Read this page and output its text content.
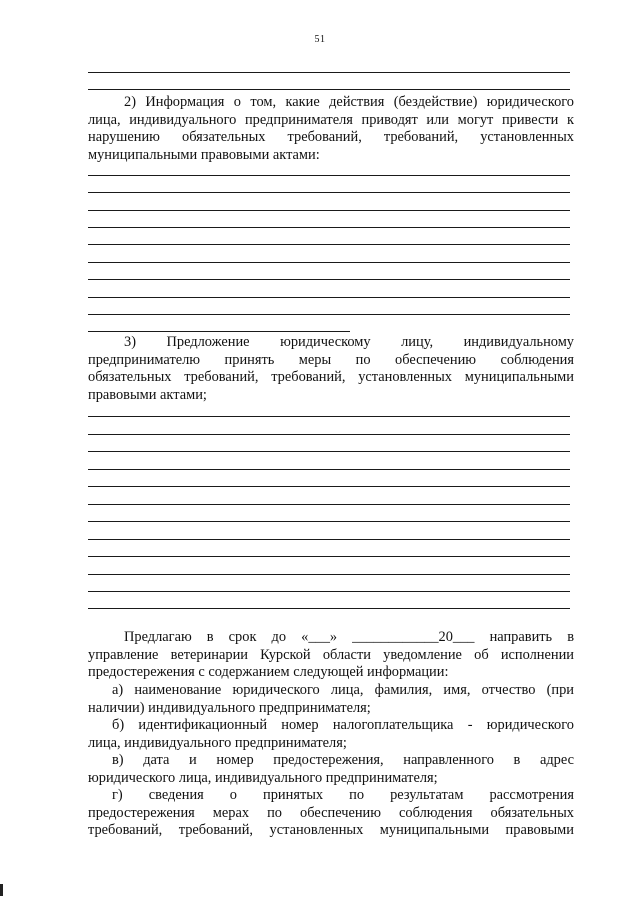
51
2) Информация о том, какие действия (бездействие) юридического
лица, индивидуального предпринимателя приводят или могут привести к
нарушению обязательных требований, требований, установленных
муниципальными правовыми актами:
3) Предложение юридическому лицу, индивидуальному
предпринимателю принять меры по обеспечению соблюдения
обязательных требований, требований, установленных муниципальными
правовыми актами;
Предлагаю в срок до «___» ____________20___ направить в
управление ветеринарии Курской области уведомление об исполнении
предостережения с содержанием следующей информации:
а) наименование юридического лица, фамилия, имя, отчество (при
наличии) индивидуального предпринимателя;
б) идентификационный номер налогоплательщика - юридического
лица, индивидуального предпринимателя;
в) дата и номер предостережения, направленного в адрес
юридического лица, индивидуального предпринимателя;
г) сведения о принятых по результатам рассмотрения
предостережения мерах по обеспечению соблюдения обязательных
требований, требований, установленных муниципальными правовыми
